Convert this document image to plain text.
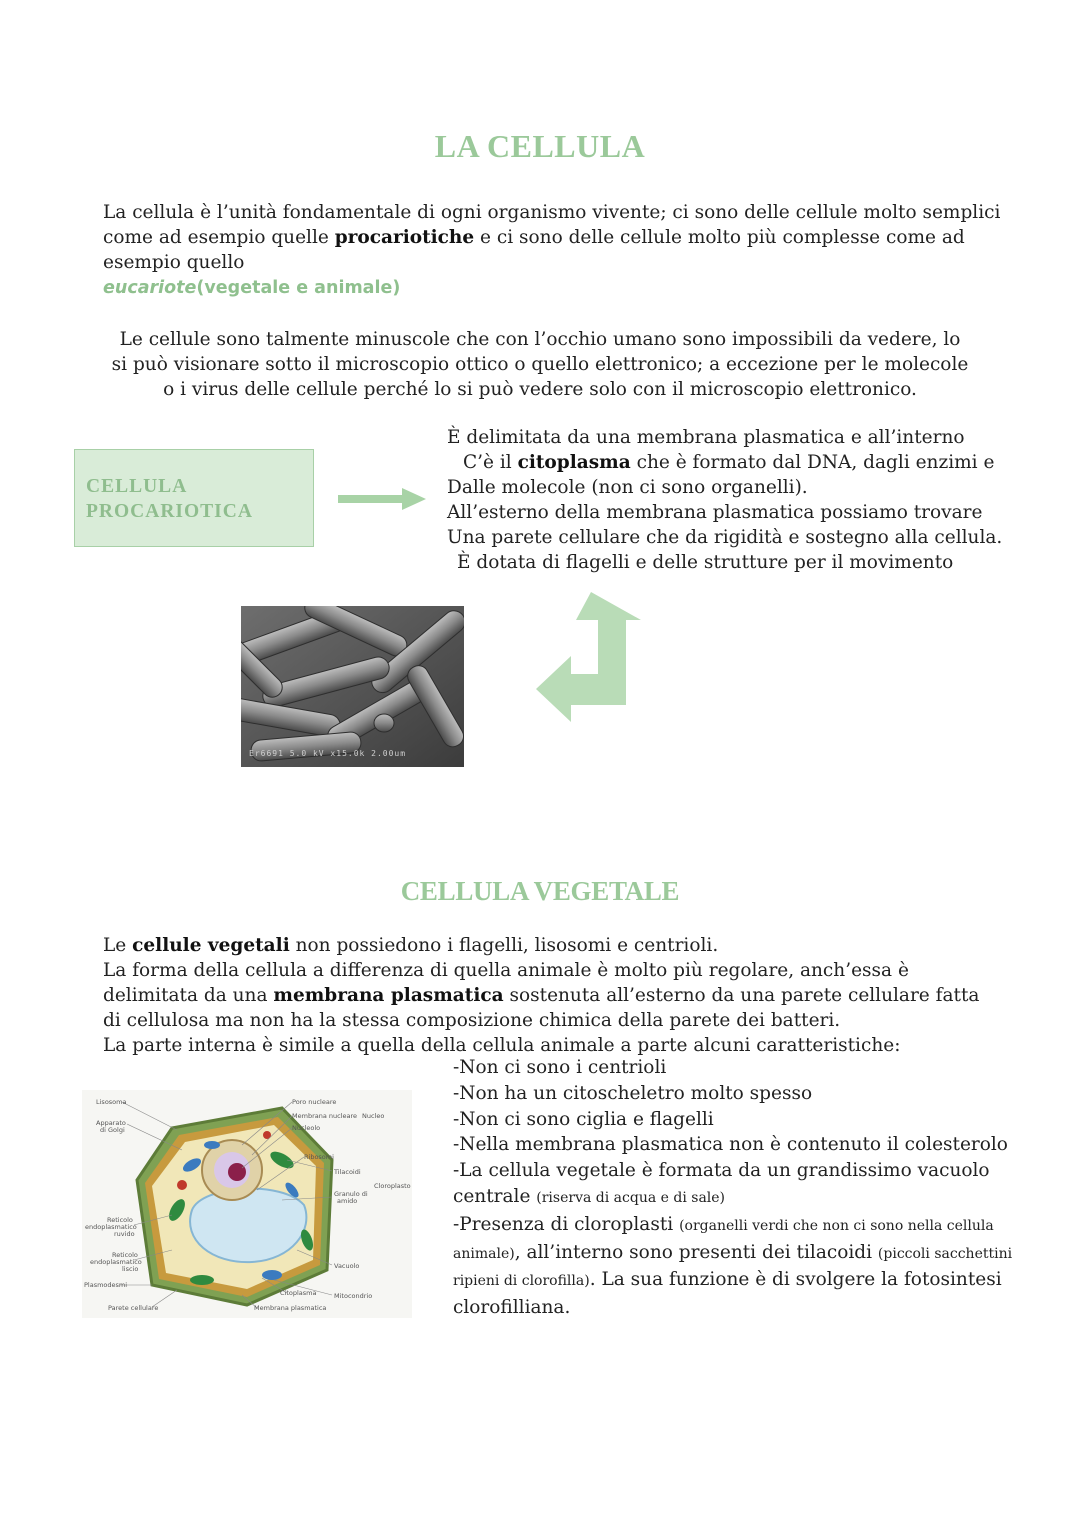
LA CELLULA
La cellula è l’unità fondamentale di ogni organismo vivente; ci sono delle cellule molto semplici come ad esempio quelle procariotiche e ci sono delle cellule molto più complesse come ad esempio quello
eucariote(vegetale e animale)
Le cellule sono talmente minuscole che con l’occhio umano sono impossibili da vedere, lo si può visionare sotto il microscopio ottico o quello elettronico; a eccezione per le molecole o i virus delle cellule perché lo si può vedere solo con il microscopio elettronico.
CELLULA
PROCARIOTICA
È delimitata da una membrana plasmatica e all’interno
C’è il citoplasma che è formato dal DNA, dagli enzimi e
Dalle molecole (non ci sono organelli).
All’esterno della membrana plasmatica possiamo trovare
Una parete cellulare che da rigidità e sostegno alla cellula.
È dotata di flagelli e delle strutture per il movimento
Er6691 5.0 kV x15.0k 2.00um
CELLULA VEGETALE
Le cellule vegetali non possiedono i flagelli, lisosomi e centrioli.
La forma della cellula a differenza di quella animale è molto più regolare, anch’essa è delimitata da una membrana plasmatica sostenuta all’esterno da una parete cellulare fatta di cellulosa ma non ha la stessa composizione chimica della parete dei batteri.
La parte interna è simile a quella della cellula animale a parte alcuni caratteristiche:
-Non ci sono i centrioli
-Non ha un citoscheletro molto spesso
-Non ci sono ciglia e flagelli
-Nella membrana plasmatica non è contenuto il colesterolo
-La cellula vegetale è formata da un grandissimo vacuolo
centrale (riserva di acqua e di sale)
-Presenza di cloroplasti (organelli verdi che non ci sono nella cellula
animale), all’interno sono presenti dei tilacoidi (piccoli sacchettini
ripieni di clorofilla). La sua funzione è di svolgere la fotosintesi
clorofilliana.
Lisosoma
Apparato
di Golgi
Poro nucleare
Membrana nucleare Nucleo
Nucleolo
Ribosomi
Tilacoidi
Cloroplasto
Granulo di
amido
Reticolo
endoplasmatico
ruvido
Reticolo
endoplasmatico
liscio
Plasmodesmi
Vacuolo
Citoplasma	Mitocondrio
Parete cellulare	Membrana plasmatica
